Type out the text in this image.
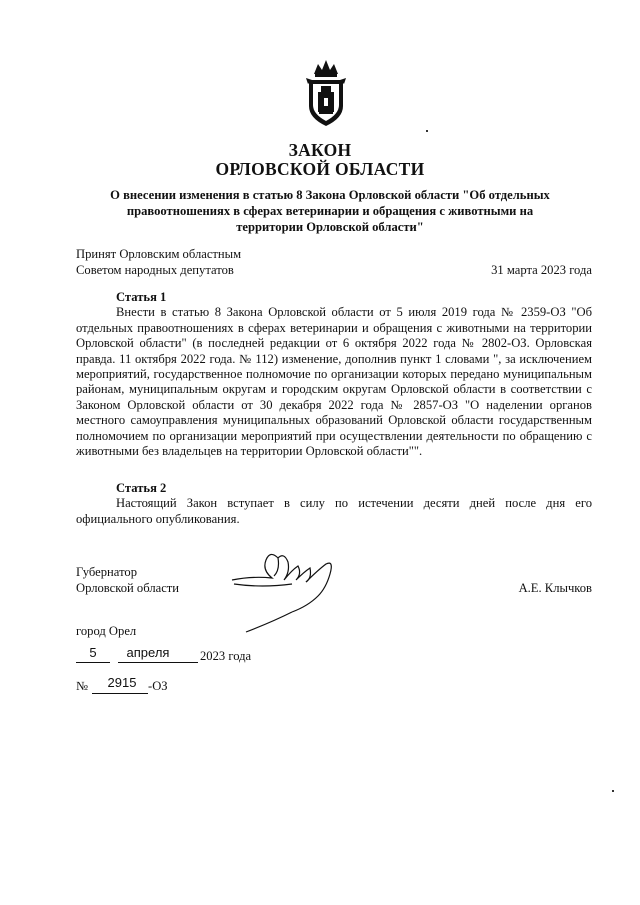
ЗАКОН
ОРЛОВСКОЙ ОБЛАСТИ
О внесении изменения в статью 8 Закона Орловской области "Об отдельных правоотношениях в сферах ветеринарии и обращения с животными на территории Орловской области"
Принят Орловским областным
Советом народных депутатов	31 марта 2023 года
Статья 1
Внести в статью 8 Закона Орловской области от 5 июля 2019 года № 2359-ОЗ "Об отдельных правоотношениях в сферах ветеринарии и обращения с животными на территории Орловской области" (в последней редакции от 6 октября 2022 года № 2802-ОЗ. Орловская правда. 11 октября 2022 года. № 112) изменение, дополнив пункт 1 словами ", за исключением мероприятий, государственное полномочие по организации которых передано муниципальным районам, муниципальным округам и городским округам Орловской области в соответствии с Законом Орловской области от 30 декабря 2022 года № 2857-ОЗ "О наделении органов местного самоуправления муниципальных образований Орловской области государственным полномочием по организации мероприятий при осуществлении деятельности по обращению с животными без владельцев на территории Орловской области"".
Статья 2
Настоящий Закон вступает в силу по истечении десяти дней после дня его официального опубликования.
Губернатор
Орловской области	А.Е. Клычков
город Орел
5	апреля	2023 года
№	2915 -ОЗ
